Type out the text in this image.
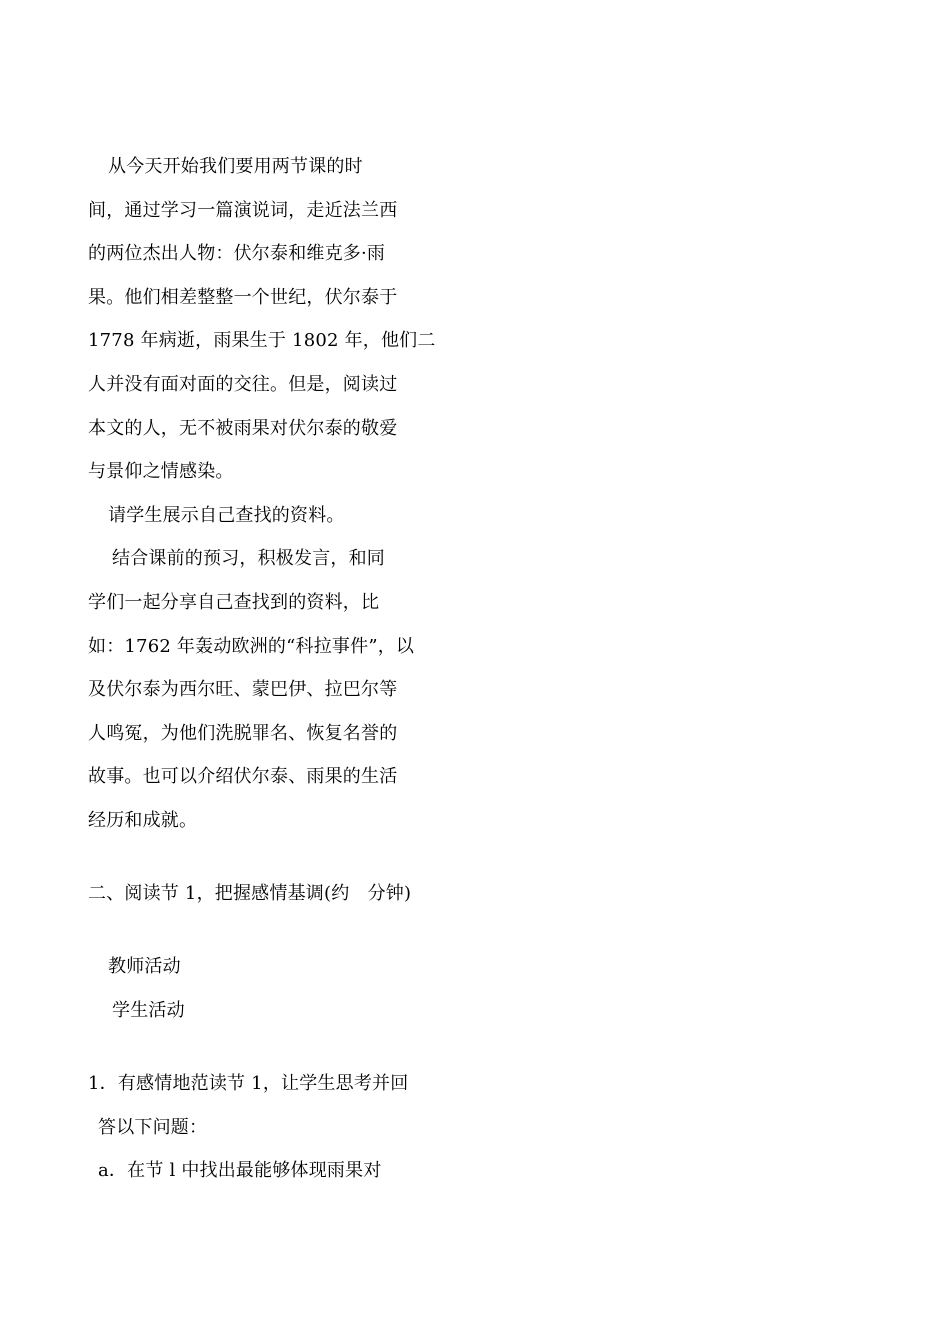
从今天开始我们要用两节课的时
间，通过学习一篇演说词，走近法兰西
的两位杰出人物：伏尔泰和维克多·雨
果。他们相差整整一个世纪，伏尔泰于
1778 年病逝，雨果生于 1802 年，他们二
人并没有面对面的交往。但是，阅读过
本文的人，无不被雨果对伏尔泰的敬爱
与景仰之情感染。
请学生展示自己查找的资料。
结合课前的预习，积极发言，和同
学们一起分享自己查找到的资料，比
如：1762 年轰动欧洲的“科拉事件”，以
及伏尔泰为西尔旺、蒙巴伊、拉巴尔等
人鸣冤，为他们洗脱罪名、恢复名誉的
故事。也可以介绍伏尔泰、雨果的生活
经历和成就。
二、阅读节 1，把握感情基调(约　分钟)
教师活动
学生活动
1．有感情地范读节 1，让学生思考并回
答以下问题：
a．在节 l 中找出最能够体现雨果对
